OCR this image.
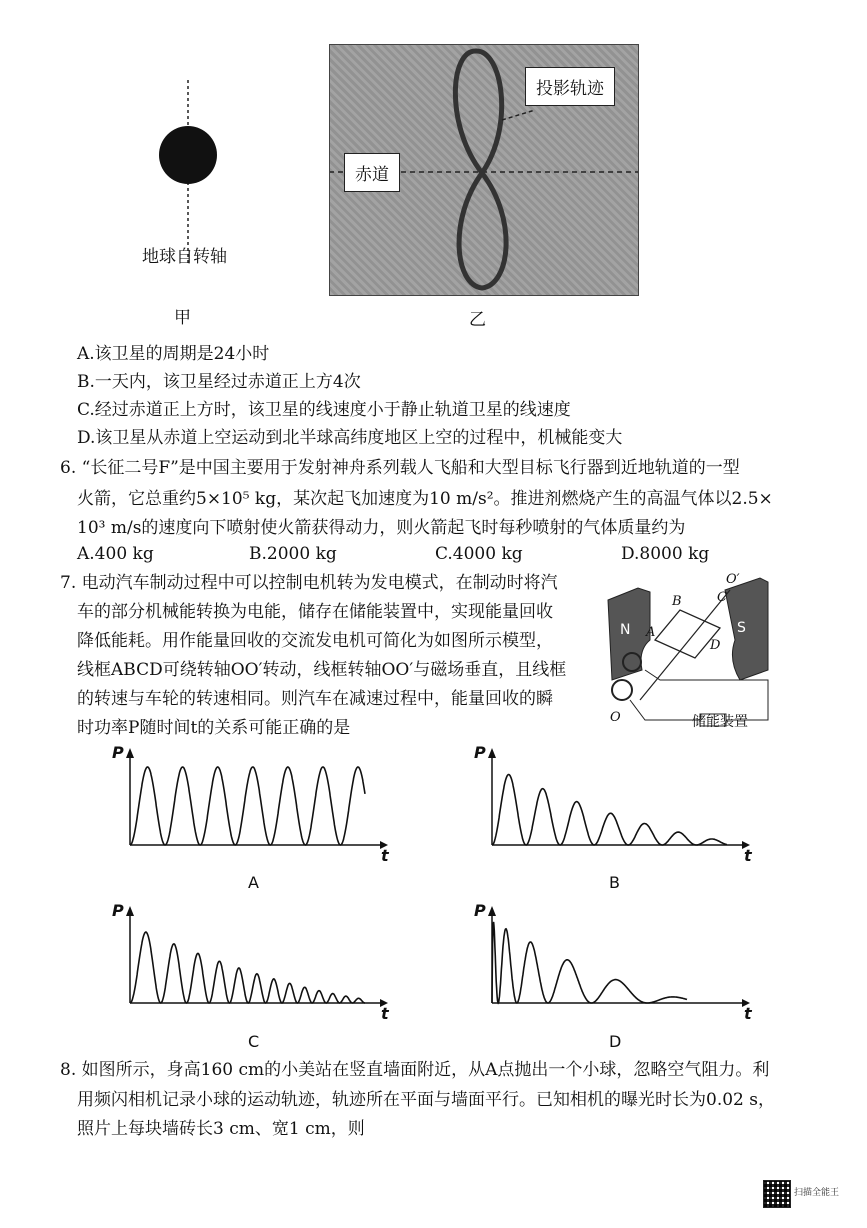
地球自转轴
甲
投影轨迹
赤道
乙
A.该卫星的周期是24小时
B.一天内，该卫星经过赤道正上方4次
C.经过赤道正上方时，该卫星的线速度小于静止轨道卫星的线速度
D.该卫星从赤道上空运动到北半球高纬度地区上空的过程中，机械能变大
6. “长征二号F”是中国主要用于发射神舟系列载人飞船和大型目标飞行器到近地轨道的一型
火箭，它总重约5×10⁵ kg，某次起飞加速度为10 m/s²。推进剂燃烧产生的高温气体以2.5×
10³ m/s的速度向下喷射使火箭获得动力，则火箭起飞时每秒喷射的气体质量约为
A.400 kg	B.2000 kg	C.4000 kg	D.8000 kg
7. 电动汽车制动过程中可以控制电机转为发电模式，在制动时将汽
车的部分机械能转换为电能，储存在储能装置中，实现能量回收
降低能耗。用作能量回收的交流发电机可简化为如图所示模型，
线框ABCD可绕转轴OO′转动，线框转轴OO′与磁场垂直，且线框
的转速与车轮的转速相同。则汽车在减速过程中，能量回收的瞬
时功率P随时间t的关系可能正确的是
N	S
A
B	C
D
O′
O	储能装置
P
t
A
P
t
B
P
t
C
P
t
D
8. 如图所示，身高160 cm的小美站在竖直墙面附近，从A点抛出一个小球，忽略空气阻力。利
用频闪相机记录小球的运动轨迹，轨迹所在平面与墙面平行。已知相机的曝光时长为0.02 s，
照片上每块墙砖长3 cm、宽1 cm，则
扫描全能王
